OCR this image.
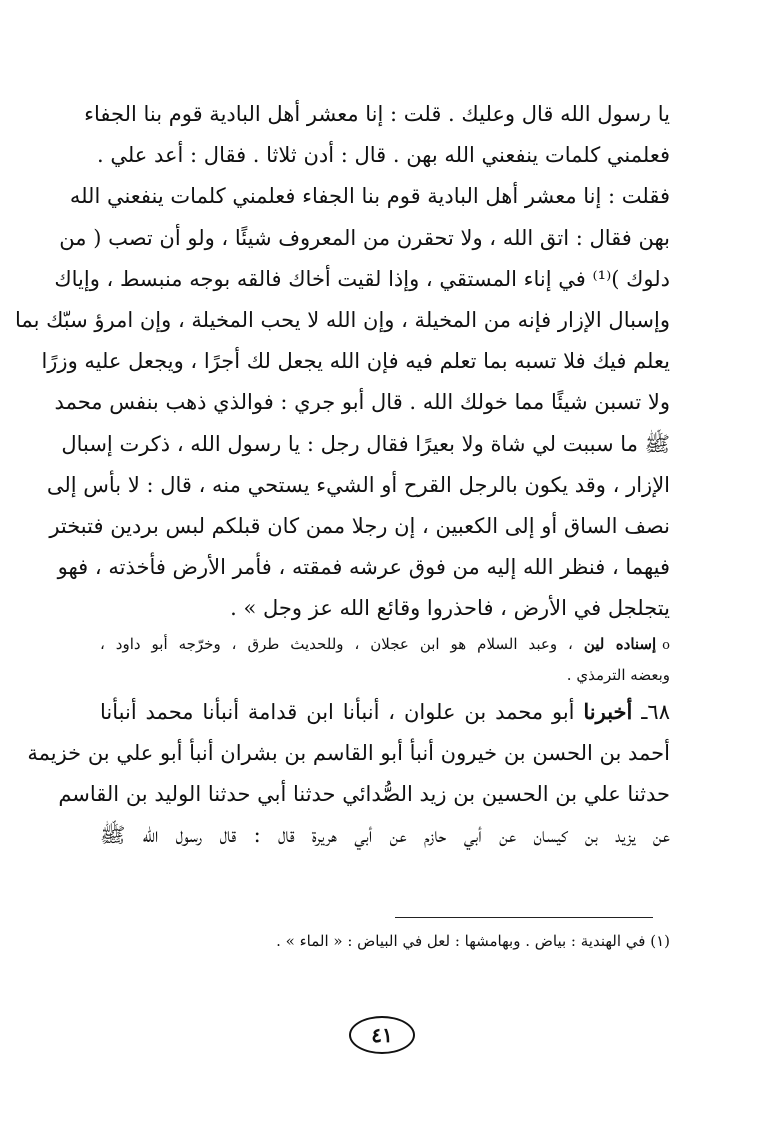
يا رسول الله قال وعليك . قلت : إنا معشر أهل البادية قوم بنا الجفاء
فعلمني كلمات ينفعني الله بهن . قال : أدن ثلاثا . فقال : أعد علي .
فقلت : إنا معشر أهل البادية قوم بنا الجفاء فعلمني كلمات ينفعني الله
بهن فقال : اتق الله ، ولا تحقرن من المعروف شيئًا ، ولو أن تصب ( من
دلوك )⁽¹⁾ في إناء المستقي ، وإذا لقيت أخاك فالقه بوجه منبسط ، وإياك
وإسبال الإزار فإنه من المخيلة ، وإن الله لا يحب المخيلة ، وإن امرؤ سبّك بما
يعلم فيك فلا تسبه بما تعلم فيه فإن الله يجعل لك أجرًا ، ويجعل عليه وزرًا
ولا تسبن شيئًا مما خولك الله . قال أبو جري : فوالذي ذهب بنفس محمد
ﷺ ما سببت لي شاة ولا بعيرًا فقال رجل : يا رسول الله ، ذكرت إسبال
الإزار ، وقد يكون بالرجل القرح أو الشيء يستحي منه ، قال : لا بأس إلى
نصف الساق أو إلى الكعبين ، إن رجلا ممن كان قبلكم لبس بردين فتبختر
فيهما ، فنظر الله إليه من فوق عرشه فمقته ، فأمر الأرض فأخذته ، فهو
يتجلجل في الأرض ، فاحذروا وقائع الله عز وجل » .
oإسناده لين ، وعبد السلام هو ابن عجلان ، وللحديث طرق ، وخرّجه أبو داود ،
وبعضه الترمذي .
٦٨ـ أخبرنا أبو محمد بن علوان ، أنبأنا ابن قدامة أنبأنا محمد أنبأنا
أحمد بن الحسن بن خيرون أنبأ أبو القاسم بن بشران أنبأ أبو علي بن خزيمة
حدثنا علي بن الحسين بن زيد الصُّدائي حدثنا أبي حدثنا الوليد بن القاسم
عن يزيد بن كيسان عن أبي حازم عن أبي هريرة قال : قال رسول الله ﷺ
(١) في الهندية : بياض . وبهامشها : لعل في البياض : « الماء » .
٤١
